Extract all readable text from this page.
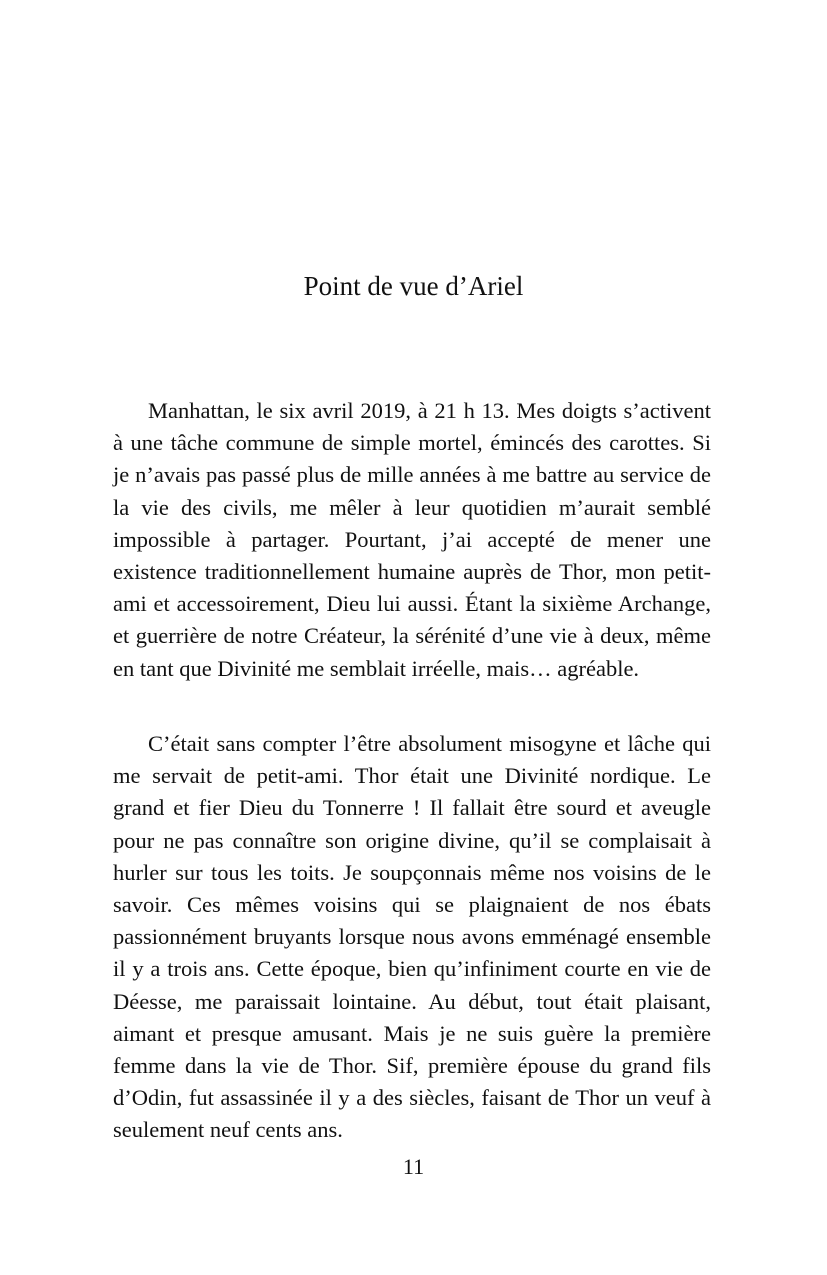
Point de vue d’Ariel

Manhattan, le six avril 2019, à 21 h 13. Mes doigts s’activent à une tâche commune de simple mortel, émincés des carottes. Si je n’avais pas passé plus de mille années à me battre au service de la vie des civils, me mêler à leur quotidien m’aurait semblé impossible à partager. Pourtant, j’ai accepté de mener une existence traditionnellement humaine auprès de Thor, mon petit-ami et accessoirement, Dieu lui aussi. Étant la sixième Archange, et guerrière de notre Créateur, la sérénité d’une vie à deux, même en tant que Divinité me semblait irréelle, mais… agréable.

C’était sans compter l’être absolument misogyne et lâche qui me servait de petit-ami. Thor était une Divinité nordique. Le grand et fier Dieu du Tonnerre ! Il fallait être sourd et aveugle pour ne pas connaître son origine divine, qu’il se complaisait à hurler sur tous les toits. Je soupçonnais même nos voisins de le savoir. Ces mêmes voisins qui se plaignaient de nos ébats passionnément bruyants lorsque nous avons emménagé ensemble il y a trois ans. Cette époque, bien qu’infiniment courte en vie de Déesse, me paraissait lointaine. Au début, tout était plaisant, aimant et presque amusant. Mais je ne suis guère la première femme dans la vie de Thor. Sif, première épouse du grand fils d’Odin, fut assassinée il y a des siècles, faisant de Thor un veuf à seulement neuf cents ans.

11
